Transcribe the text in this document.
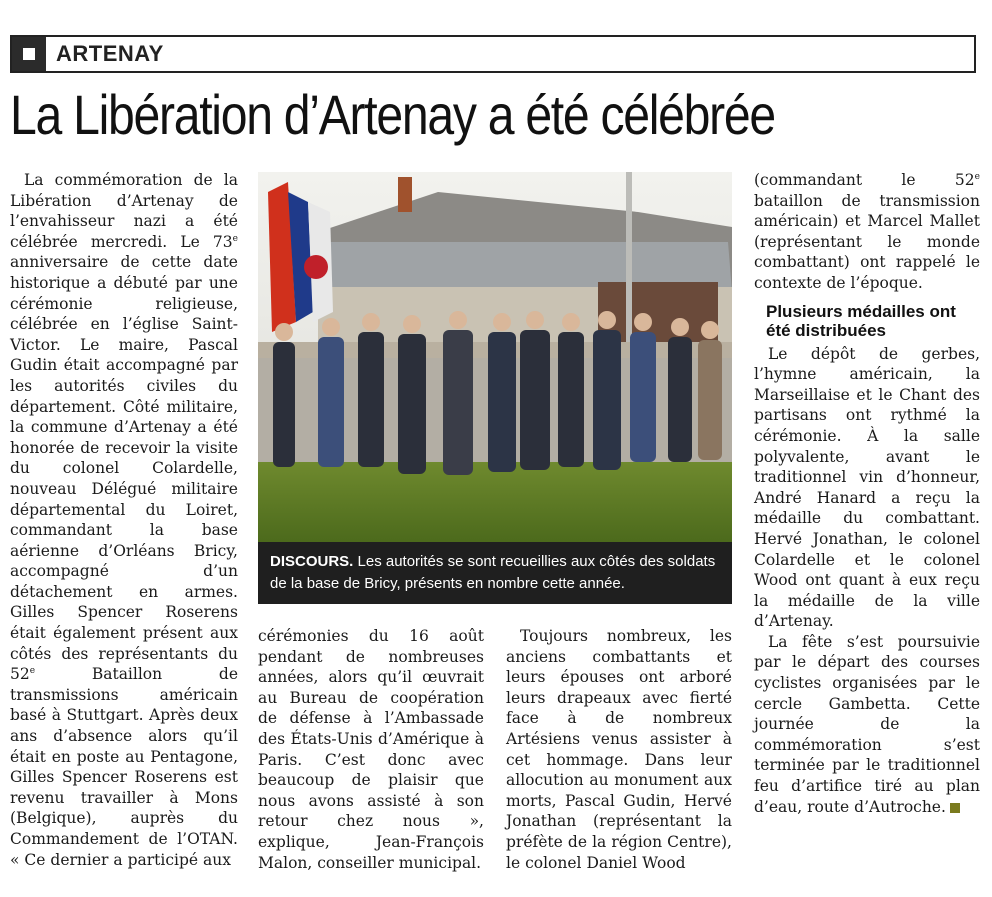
ARTENAY
La Libération d’Artenay a été célébrée

La commémoration de la Libération d’Artenay de l’envahisseur nazi a été célébrée mercredi. Le 73e anniversaire de cette date historique a débuté par une cérémonie	religieuse, célébrée en l’église Saint-Victor. Le maire, Pascal Gudin était accompagné par les autorités civiles du département. Côté militaire, la commune d’Artenay a été honorée de recevoir la visite du colonel Colardelle, nouveau Délégué militaire départemental du Loiret, commandant la base aérienne d’Orléans Bricy, accompagné	d’un détachement en armes. Gilles Spencer Roserens était également présent aux côtés des représentants du 52e	Bataillon	de transmissions	américain basé à Stuttgart. Après deux ans d’absence alors qu’il était en poste au Pentagone, Gilles Spencer Roserens est revenu travailler à Mons (Belgique), auprès du Commandement de l’OTAN. « Ce dernier a participé aux

DISCOURS. Les autorités se sont recueillies aux côtés des soldats de la base de Bricy, présents en nombre cette année.

cérémonies du 16 août pendant de nombreuses années, alors qu’il œuvrait au Bureau de coopération de défense à l’Ambassade des États-Unis d’Amérique à Paris. C’est donc avec beaucoup de plaisir que nous avons assisté à son retour chez nous », explique,	Jean-François Malon, conseiller municipal.

Toujours nombreux, les anciens combattants et leurs épouses ont arboré leurs drapeaux avec fierté face à de nombreux Artésiens venus assister à cet hommage. Dans leur allocution au monument aux morts, Pascal Gudin, Hervé Jonathan (représentant la préfète de la région Centre), le colonel Daniel Wood

(commandant	le	52e bataillon de transmission américain) et Marcel Mallet (représentant le monde combattant) ont rappelé le contexte de l’époque.

Plusieurs médailles ont été distribuées

Le dépôt de gerbes, l’hymne américain, la Marseillaise et le Chant des partisans ont rythmé la cérémonie. À la salle polyvalente, avant le traditionnel vin d’honneur, André Hanard a reçu la médaille du combattant. Hervé Jonathan, le colonel Colardelle et le colonel Wood ont quant à eux reçu la médaille de la ville d’Artenay.

La fête s’est poursuivie par le départ des courses cyclistes organisées par le cercle Gambetta. Cette journée de la commémoration s’est terminée par le traditionnel feu d’artifice tiré au plan d’eau, route d’Autroche.
